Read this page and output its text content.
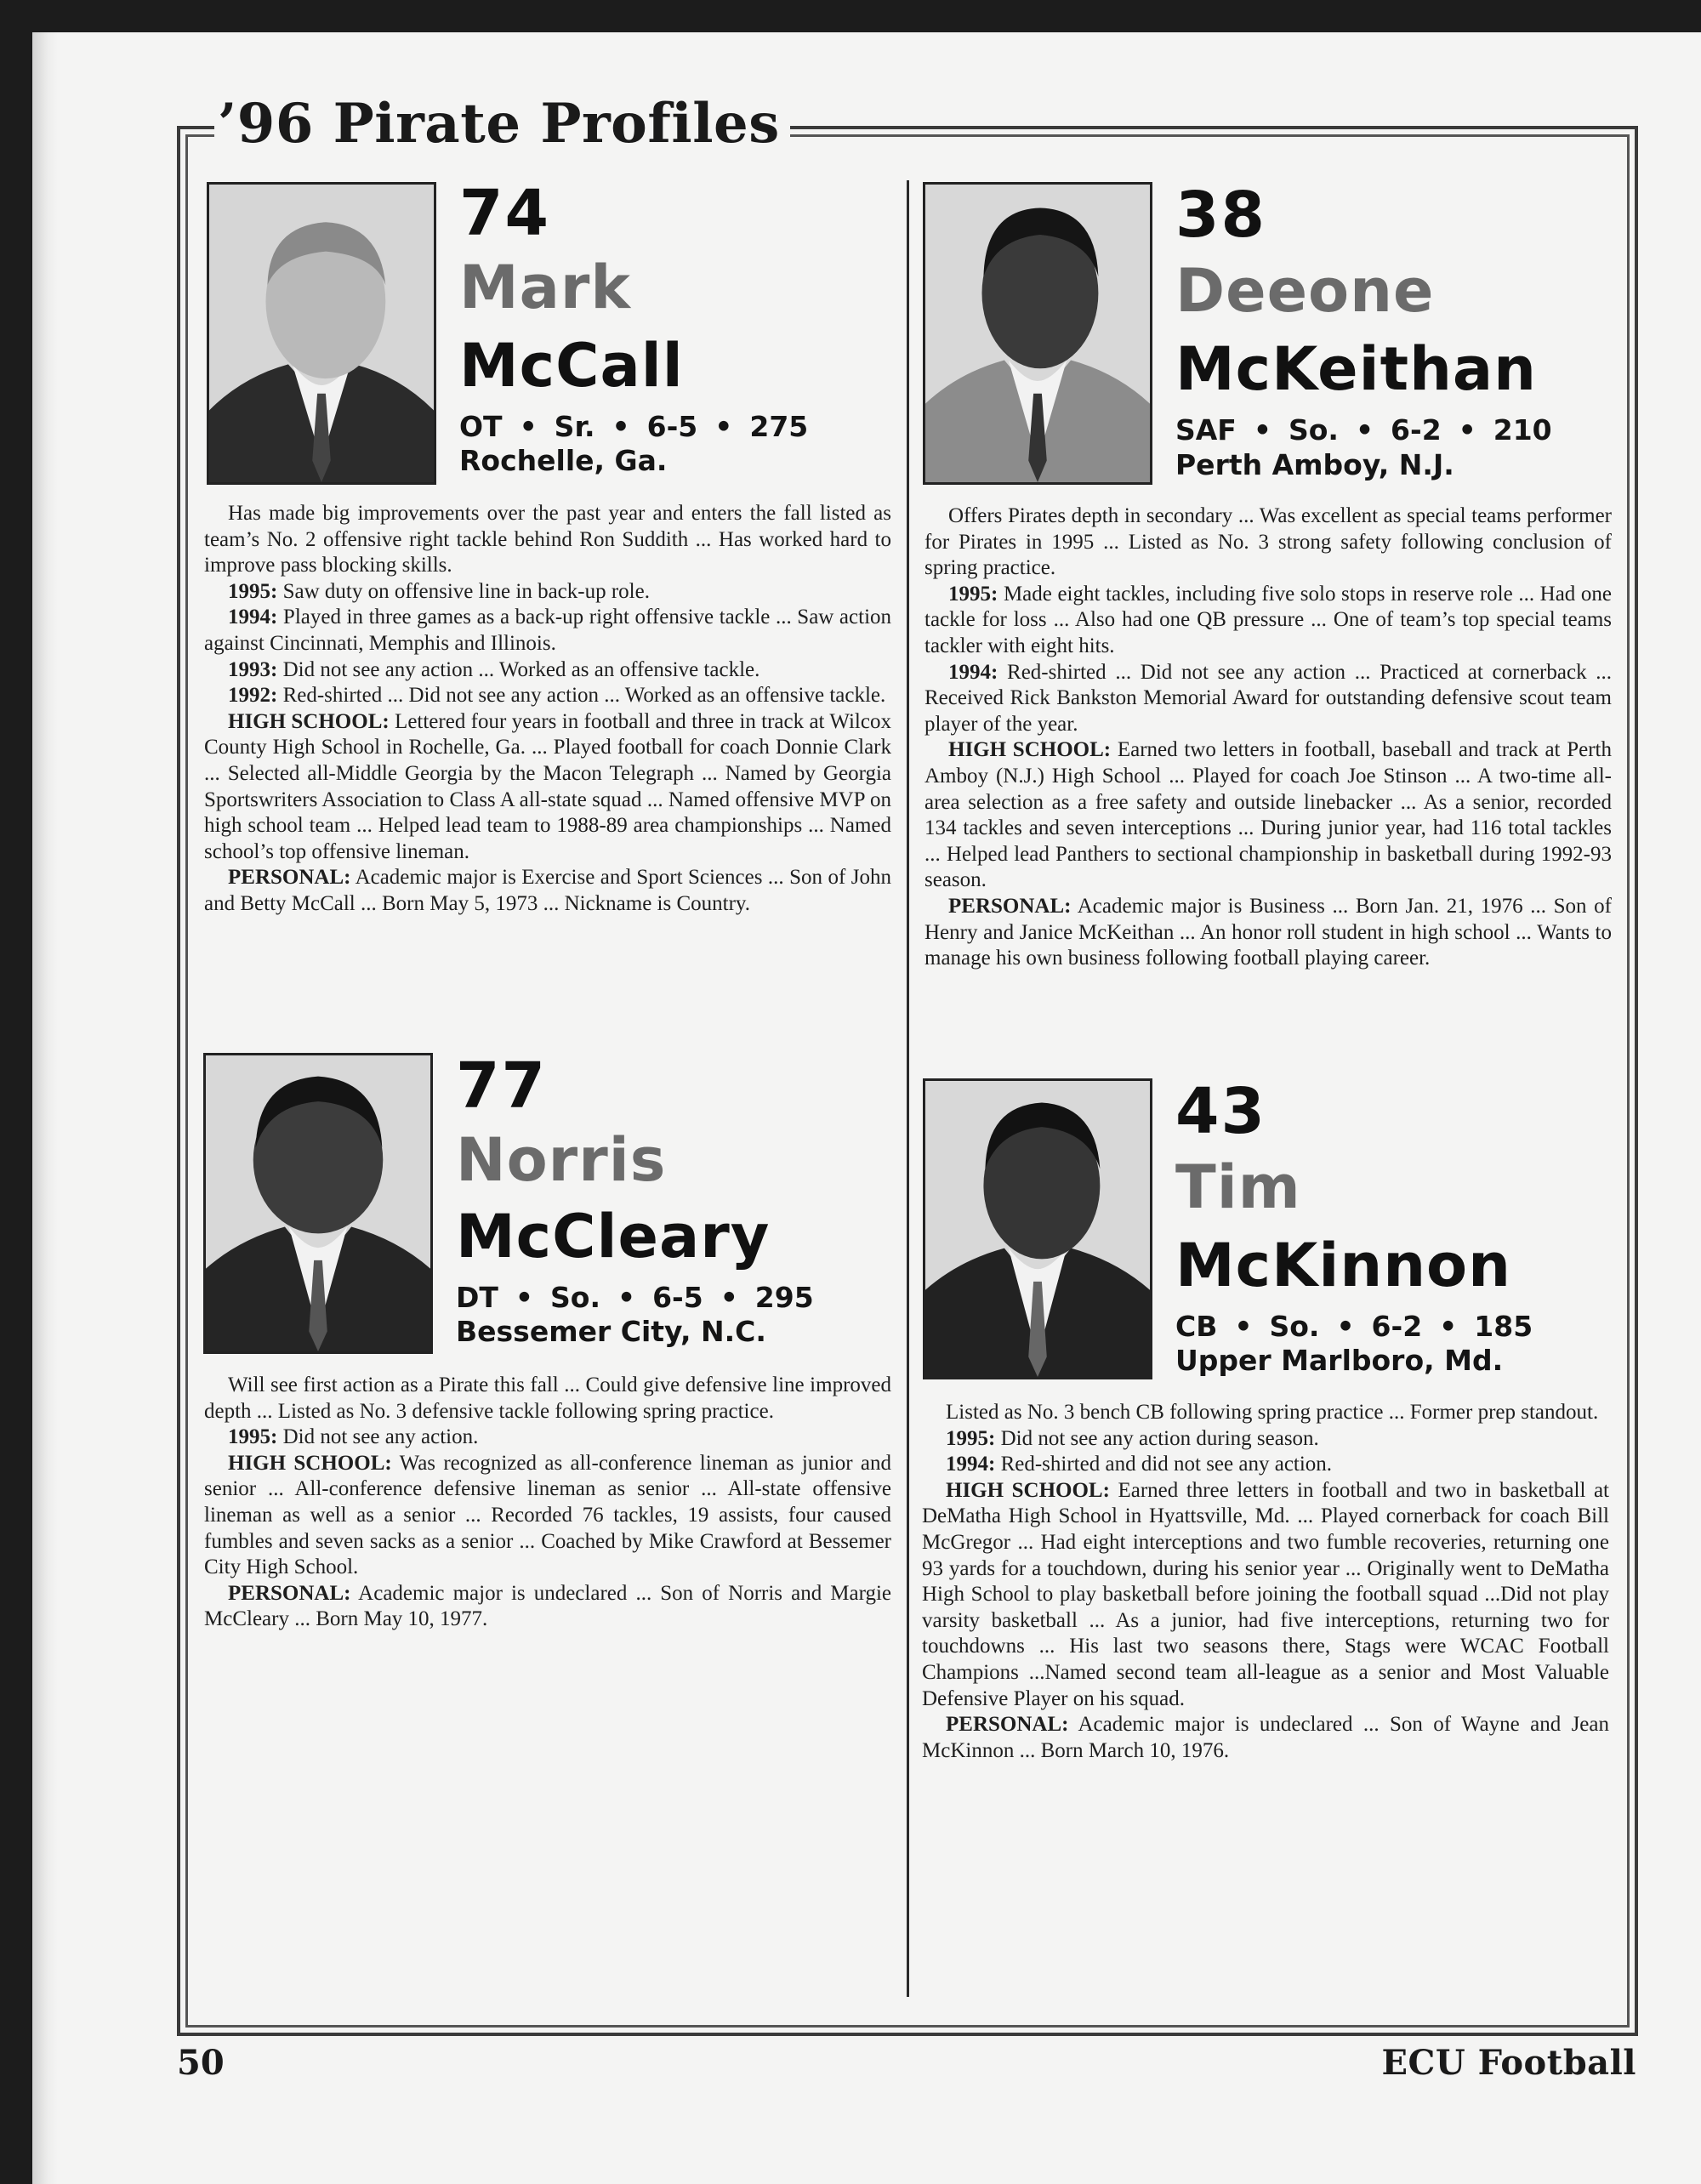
’96 Pirate Profiles
74
Mark
McCall
OT • Sr. • 6-5 • 275
Rochelle, Ga.

Has made big improvements over the past year and enters the fall listed as team’s No. 2 offensive right tackle behind Ron Suddith ... Has worked hard to improve pass blocking skills.

1995: Saw duty on offensive line in back-up role.

1994: Played in three games as a back-up right offensive tackle ... Saw action against Cincinnati, Memphis and Illinois.

1993: Did not see any action ... Worked as an offensive tackle.

1992: Red-shirted ... Did not see any action ... Worked as an offensive tackle.

HIGH SCHOOL: Lettered four years in football and three in track at Wilcox County High School in Rochelle, Ga. ... Played football for coach Donnie Clark ... Selected all-Middle Georgia by the Macon Telegraph ... Named by Georgia Sportswriters Association to Class A all-state squad ... Named offensive MVP on high school team ... Helped lead team to 1988-89 area championships ... Named school’s top offensive lineman.

PERSONAL: Academic major is Exercise and Sport Sciences ... Son of John and Betty McCall ... Born May 5, 1973 ... Nickname is Country.

38
Deeone
McKeithan
SAF • So. • 6-2 • 210
Perth Amboy, N.J.

Offers Pirates depth in secondary ... Was excellent as special teams performer for Pirates in 1995 ... Listed as No. 3 strong safety following conclusion of spring practice.

1995: Made eight tackles, including five solo stops in reserve role ... Had one tackle for loss ... Also had one QB pressure ... One of team’s top special teams tackler with eight hits.

1994: Red-shirted ... Did not see any action ... Practiced at cornerback ... Received Rick Bankston Memorial Award for outstanding defensive scout team player of the year.

HIGH SCHOOL: Earned two letters in football, baseball and track at Perth Amboy (N.J.) High School ... Played for coach Joe Stinson ... A two-time all-area selection as a free safety and outside linebacker ... As a senior, recorded 134 tackles and seven interceptions ... During junior year, had 116 total tackles ... Helped lead Panthers to sectional championship in basketball during 1992-93 season.

PERSONAL: Academic major is Business ... Born Jan. 21, 1976 ... Son of Henry and Janice McKeithan ... An honor roll student in high school ... Wants to manage his own business following football playing career.

77
Norris
McCleary
DT • So. • 6-5 • 295
Bessemer City, N.C.

Will see first action as a Pirate this fall ... Could give defensive line improved depth ... Listed as No. 3 defensive tackle following spring practice.

1995: Did not see any action.

HIGH SCHOOL: Was recognized as all-conference lineman as junior and senior ... All-conference defensive lineman as senior ... All-state offensive lineman as well as a senior ... Recorded 76 tackles, 19 assists, four caused fumbles and seven sacks as a senior ... Coached by Mike Crawford at Bessemer City High School.

PERSONAL: Academic major is undeclared ... Son of Norris and Margie McCleary ... Born May 10, 1977.

43
Tim
McKinnon
CB • So. • 6-2 • 185
Upper Marlboro, Md.

Listed as No. 3 bench CB following spring practice ... Former prep standout.

1995: Did not see any action during season.

1994: Red-shirted and did not see any action.

HIGH SCHOOL: Earned three letters in football and two in basketball at DeMatha High School in Hyattsville, Md. ... Played cornerback for coach Bill McGregor ... Had eight interceptions and two fumble recoveries, returning one 93 yards for a touchdown, during his senior year ... Originally went to DeMatha High School to play basketball before joining the football squad ...Did not play varsity basketball ... As a junior, had five interceptions, returning two for touchdowns ... His last two seasons there, Stags were WCAC Football Champions ...Named second team all-league as a senior and Most Valuable Defensive Player on his squad.

PERSONAL: Academic major is undeclared ... Son of Wayne and Jean McKinnon ... Born March 10, 1976.

50	ECU Football
